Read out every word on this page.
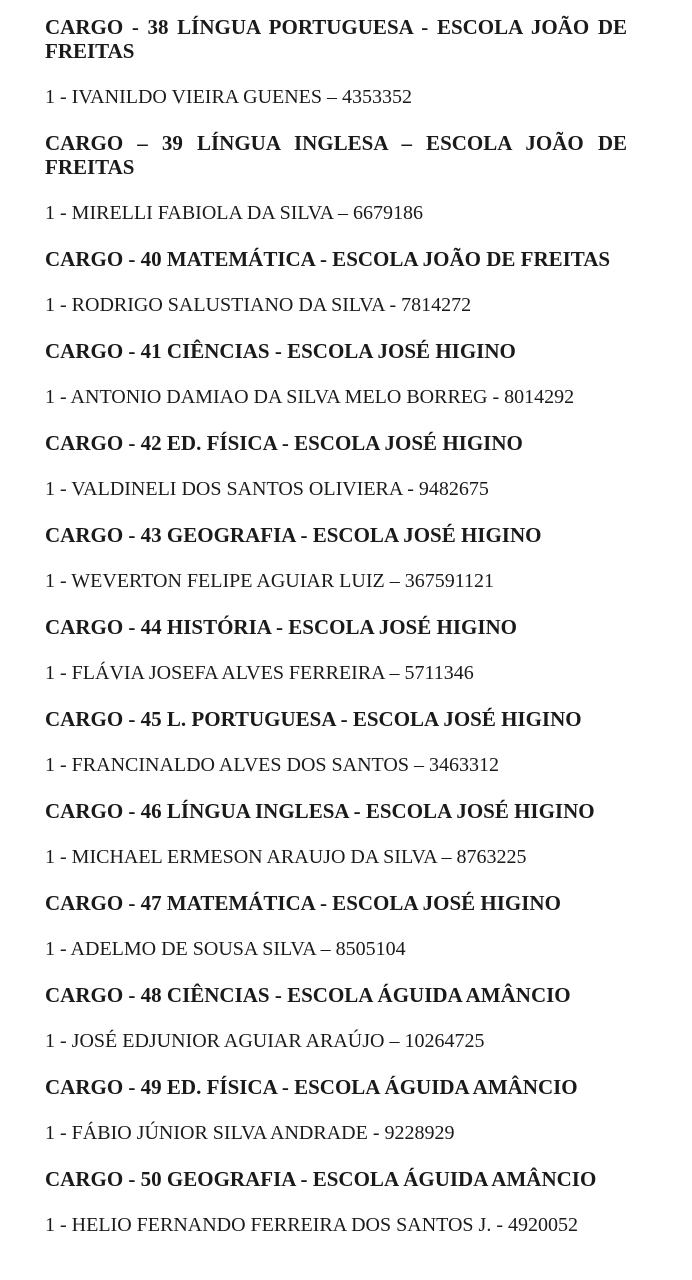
CARGO - 38 LÍNGUA PORTUGUESA - ESCOLA JOÃO DE FREITAS

1 - IVANILDO VIEIRA GUENES – 4353352

CARGO – 39 LÍNGUA INGLESA – ESCOLA JOÃO DE FREITAS

1 - MIRELLI FABIOLA DA SILVA – 6679186

CARGO - 40 MATEMÁTICA - ESCOLA JOÃO DE FREITAS

1 - RODRIGO SALUSTIANO DA SILVA - 7814272

CARGO - 41 CIÊNCIAS - ESCOLA JOSÉ HIGINO

1 - ANTONIO DAMIAO DA SILVA MELO BORREG - 8014292

CARGO - 42 ED. FÍSICA - ESCOLA JOSÉ HIGINO

1 - VALDINELI DOS SANTOS OLIVIERA - 9482675

CARGO - 43 GEOGRAFIA - ESCOLA JOSÉ HIGINO

1 - WEVERTON FELIPE AGUIAR LUIZ – 367591121

CARGO - 44 HISTÓRIA - ESCOLA JOSÉ HIGINO

1 - FLÁVIA JOSEFA ALVES FERREIRA – 5711346

CARGO - 45 L. PORTUGUESA - ESCOLA JOSÉ HIGINO

1 - FRANCINALDO ALVES DOS SANTOS – 3463312

CARGO - 46 LÍNGUA INGLESA - ESCOLA JOSÉ HIGINO

1 - MICHAEL ERMESON ARAUJO DA SILVA – 8763225

CARGO - 47 MATEMÁTICA - ESCOLA JOSÉ HIGINO

1 - ADELMO DE SOUSA SILVA – 8505104

CARGO - 48 CIÊNCIAS - ESCOLA ÁGUIDA AMÂNCIO

1 - JOSÉ EDJUNIOR AGUIAR ARAÚJO – 10264725

CARGO - 49 ED. FÍSICA - ESCOLA ÁGUIDA AMÂNCIO

1 - FÁBIO JÚNIOR SILVA ANDRADE - 9228929

CARGO - 50 GEOGRAFIA - ESCOLA ÁGUIDA AMÂNCIO

1 - HELIO FERNANDO FERREIRA DOS SANTOS J. - 4920052
